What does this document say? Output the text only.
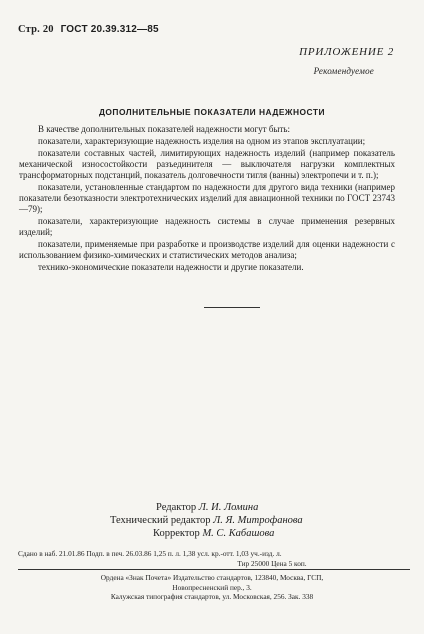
Стр. 20 ГОСТ 20.39.312—85
ПРИЛОЖЕНИЕ 2
Рекомендуемое
ДОПОЛНИТЕЛЬНЫЕ ПОКАЗАТЕЛИ НАДЕЖНОСТИ

В качестве дополнительных показателей надежности могут быть:

показатели, характеризующие надежность изделия на одном из этапов эксплуатации;

показатели составных частей, лимитирующих надежность изделий (например показатель механической износостойкости разъединителя — выключателя нагрузки комплектных трансформаторных подстанций, показатель долговечности тигля (ванны) электропечи и т. п.);

показатели, установленные стандартом по надежности для другого вида техники (например показатели безотказности электротехнических изделий для авиационной техники по ГОСТ 23743—79);

показатели, характеризующие надежность системы в случае применения резервных изделий;

показатели, применяемые при разработке и производстве изделий для оценки надежности с использованием физико-химических и статистических методов анализа;

технико-экономические показатели надежности и другие показатели.

Редактор Л. И. Ломина
Технический редактор Л. Я. Митрофанова
Корректор М. С. Кабашова
Сдано в наб. 21.01.86 Подп. в печ. 26.03.86 1,25 п. л. 1,38 усл. кр.-отт. 1,03 уч.-изд. л.
Тир 25000 Цена 5 коп.
Ордена «Знак Почета» Издательство стандартов, 123840, Москва, ГСП,
Новопресненский пер., 3.
Калужская типография стандартов, ул. Московская, 256. Зак. 338
